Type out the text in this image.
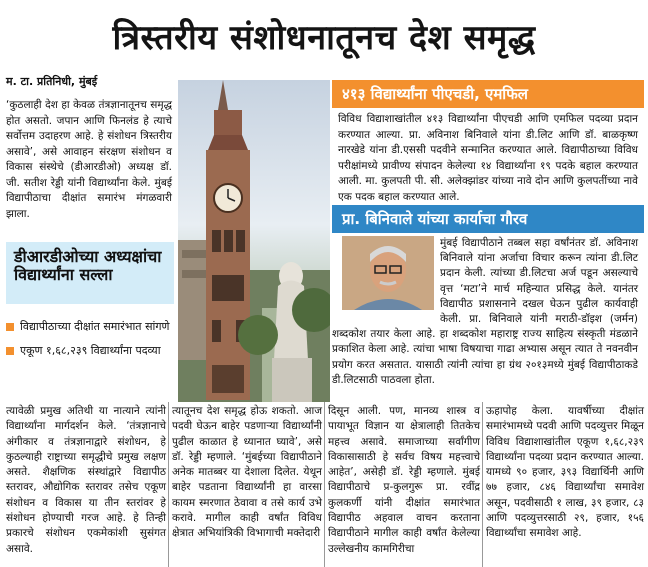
त्रिस्तरीय संशोधनातूनच देश समृद्ध
म. टा. प्रतिनिधी, मुंबई

‘कुठलाही देश हा केवळ तंत्रज्ञानातूनच समृद्ध होत असतो. जपान आणि फिनलंड हे त्याचे सर्वोत्तम उदाहरण आहे. हे संशोधन त्रिस्तरीय असावे’, असे आवाहन संरक्षण संशोधन व विकास संस्थेचे (डीआरडीओ) अध्यक्ष डॉ. जी. सतीश रेड्डी यांनी विद्यार्थ्यांना केले. मुंबई विद्यापीठाचा दीक्षांत समारंभ मंगळवारी झाला.

डीआरडीओच्या अध्यक्षांचा विद्यार्थ्यांना सल्ला
विद्यापीठाच्या दीक्षांत समारंभात सांगणे
एकूण १,६८,२३९ विद्यार्थ्यांना पदव्या
४१३ विद्यार्थ्यांना पीएचडी, एमफिल

विविध विद्याशाखांतील ४१३ विद्यार्थ्यांना पीएचडी आणि एमफिल पदव्या प्रदान करण्यात आल्या. प्रा. अविनाश बिनिवाले यांना डी.लिट आणि डॉ. बाळकृष्ण नारखेडे यांना डी.एससी पदवीने सन्मानित करण्यात आले. विद्यापीठाच्या विविध परीक्षांमध्ये प्रावीण्य संपादन केलेल्या १४ विद्यार्थ्यांना १९ पदके बहाल करण्यात आली. मा. कुलपती पी. सी. अलेक्झांडर यांच्या नावे दोन आणि कुलपतींच्या नावे एक पदक बहाल करण्यात आले.

प्रा. बिनिवाले यांच्या कार्याचा गौरव

मुंबई विद्यापीठाने तब्बल सहा वर्षांनंतर डॉ. अविनाश बिनिवाले यांना अर्जाचा विचार करून त्यांना डी.लिट प्रदान केली. त्यांच्या डी.लिटचा अर्ज पडून असल्याचे वृत्त ‘मटा’ने मार्च महिन्यात प्रसिद्ध केले. यानंतर विद्यापीठ प्रशासनाने दखल घेऊन पुढील कार्यवाही केली. प्रा. बिनिवाले यांनी मराठी-डॉइश (जर्मन) शब्दकोश तयार केला आहे. हा शब्दकोश महाराष्ट्र राज्य साहित्य संस्कृती मंडळाने प्रकाशित केला आहे. त्यांचा भाषा विषयाचा गाढा अभ्यास असून त्यात ते नवनवीन प्रयोग करत असतात. यासाठी त्यांनी त्यांचा हा ग्रंथ २०१३मध्ये मुंबई विद्यापीठाकडे डी.लिटसाठी पाठवला होता.

त्यावेळी प्रमुख अतिथी या नात्याने त्यांनी विद्यार्थ्यांना मार्गदर्शन केले. ‘तंत्रज्ञानाचे अंगीकार व तंत्रज्ञानाद्वारे संशोधन, हे कुठल्याही राष्ट्राच्या समृद्धीचे प्रमुख लक्षण असते. शैक्षणिक संस्थांद्वारे विद्यापीठ स्तरावर, औद्योगिक स्तरावर तसेच एकूण संशोधन व विकास या तीन स्तरांवर हे संशोधन होण्याची गरज आहे. हे तिन्ही प्रकारचे संशोधन एकमेकांशी सुसंगत असावे.

त्यातूनच देश समृद्ध होऊ शकतो. आज पदवी घेऊन बाहेर पडणाऱ्या विद्यार्थ्यांनी पुढील काळात हे ध्यानात घ्यावे’, असे डॉ. रेड्डी म्हणाले. ‘मुंबईच्या विद्यापीठाने अनेक मातब्बर या देशाला दिलेत. येथून बाहेर पडताना विद्यार्थ्यांनी हा वारसा कायम स्मरणात ठेवावा व तसे कार्य उभे करावे. मागील काही वर्षांत विविध क्षेत्रात अभियांत्रिकी विभागाची मक्तेदारी

दिसून आली. पण, मानव्य शास्त्र व पायाभूत विज्ञान या क्षेत्रालाही तितकेच महत्त्व असावे. समाजाच्या सर्वांगीण विकासासाठी हे सर्वच विषय महत्त्वाचे आहेत’, असेही डॉ. रेड्डी म्हणाले. मुंबई विद्यापीठाचे प्र-कुलगुरू प्रा. रवींद्र कुलकर्णी यांनी दीक्षांत समारंभात विद्यापीठ अहवाल वाचन करताना विद्यापीठाने मागील काही वर्षांत केलेल्या उल्लेखनीय कामगिरीचा

ऊहापोह केला. यावर्षीच्या दीक्षांत समारंभामध्ये पदवी आणि पदव्युत्तर मिळून विविध विद्याशाखांतील एकूण १,६८,२३९ विद्यार्थ्यांना पदव्या प्रदान करण्यात आल्या. यामध्ये ९० हजार, ३९३ विद्यार्थिनी आणि ७७ हजार, ८४६ विद्यार्थ्यांचा समावेश असून, पदवीसाठी १ लाख, ३९ हजार, ८३ आणि पदव्युत्तरसाठी २९, हजार, १५६ विद्यार्थ्यांचा समावेश आहे.
